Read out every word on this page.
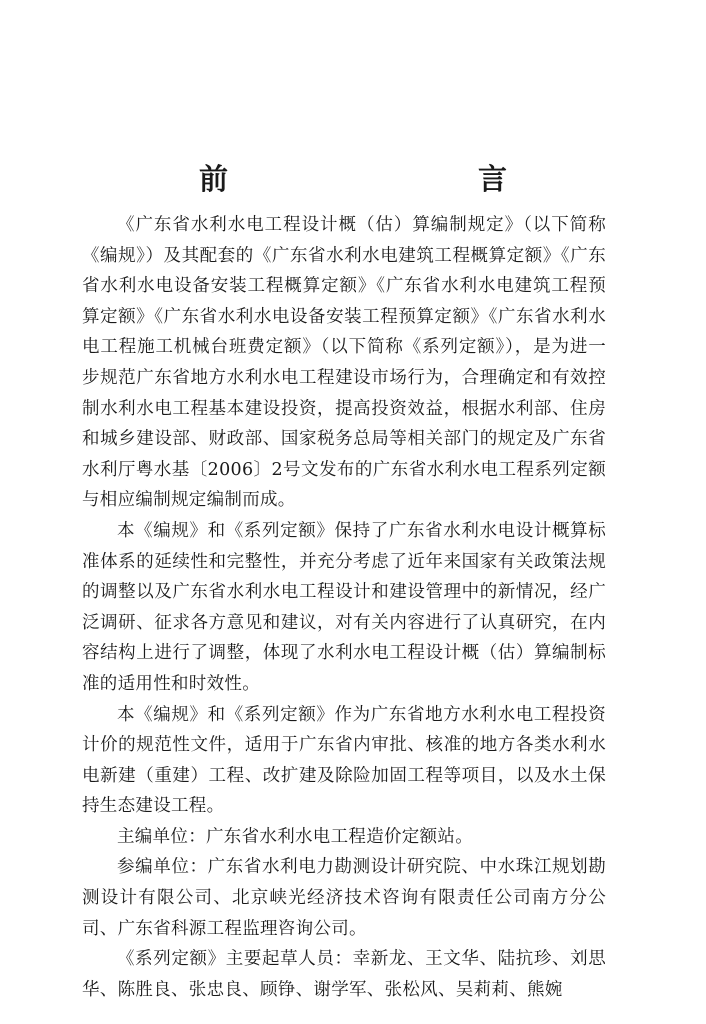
前　　言

《广东省水利水电工程设计概（估）算编制规定》（以下简称《编规》）及其配套的《广东省水利水电建筑工程概算定额》《广东省水利水电设备安装工程概算定额》《广东省水利水电建筑工程预算定额》《广东省水利水电设备安装工程预算定额》《广东省水利水电工程施工机械台班费定额》（以下简称《系列定额》），是为进一步规范广东省地方水利水电工程建设市场行为，合理确定和有效控制水利水电工程基本建设投资，提高投资效益，根据水利部、住房和城乡建设部、财政部、国家税务总局等相关部门的规定及广东省水利厅粤水基〔2006〕2号文发布的广东省水利水电工程系列定额与相应编制规定编制而成。

本《编规》和《系列定额》保持了广东省水利水电设计概算标准体系的延续性和完整性，并充分考虑了近年来国家有关政策法规的调整以及广东省水利水电工程设计和建设管理中的新情况，经广泛调研、征求各方意见和建议，对有关内容进行了认真研究，在内容结构上进行了调整，体现了水利水电工程设计概（估）算编制标准的适用性和时效性。

本《编规》和《系列定额》作为广东省地方水利水电工程投资计价的规范性文件，适用于广东省内审批、核准的地方各类水利水电新建（重建）工程、改扩建及除险加固工程等项目，以及水土保持生态建设工程。

主编单位：广东省水利水电工程造价定额站。

参编单位：广东省水利电力勘测设计研究院、中水珠江规划勘测设计有限公司、北京峡光经济技术咨询有限责任公司南方分公司、广东省科源工程监理咨询公司。

《系列定额》主要起草人员：幸新龙、王文华、陆抗珍、刘思华、陈胜良、张忠良、顾铮、谢学军、张松风、吴莉莉、熊婉
